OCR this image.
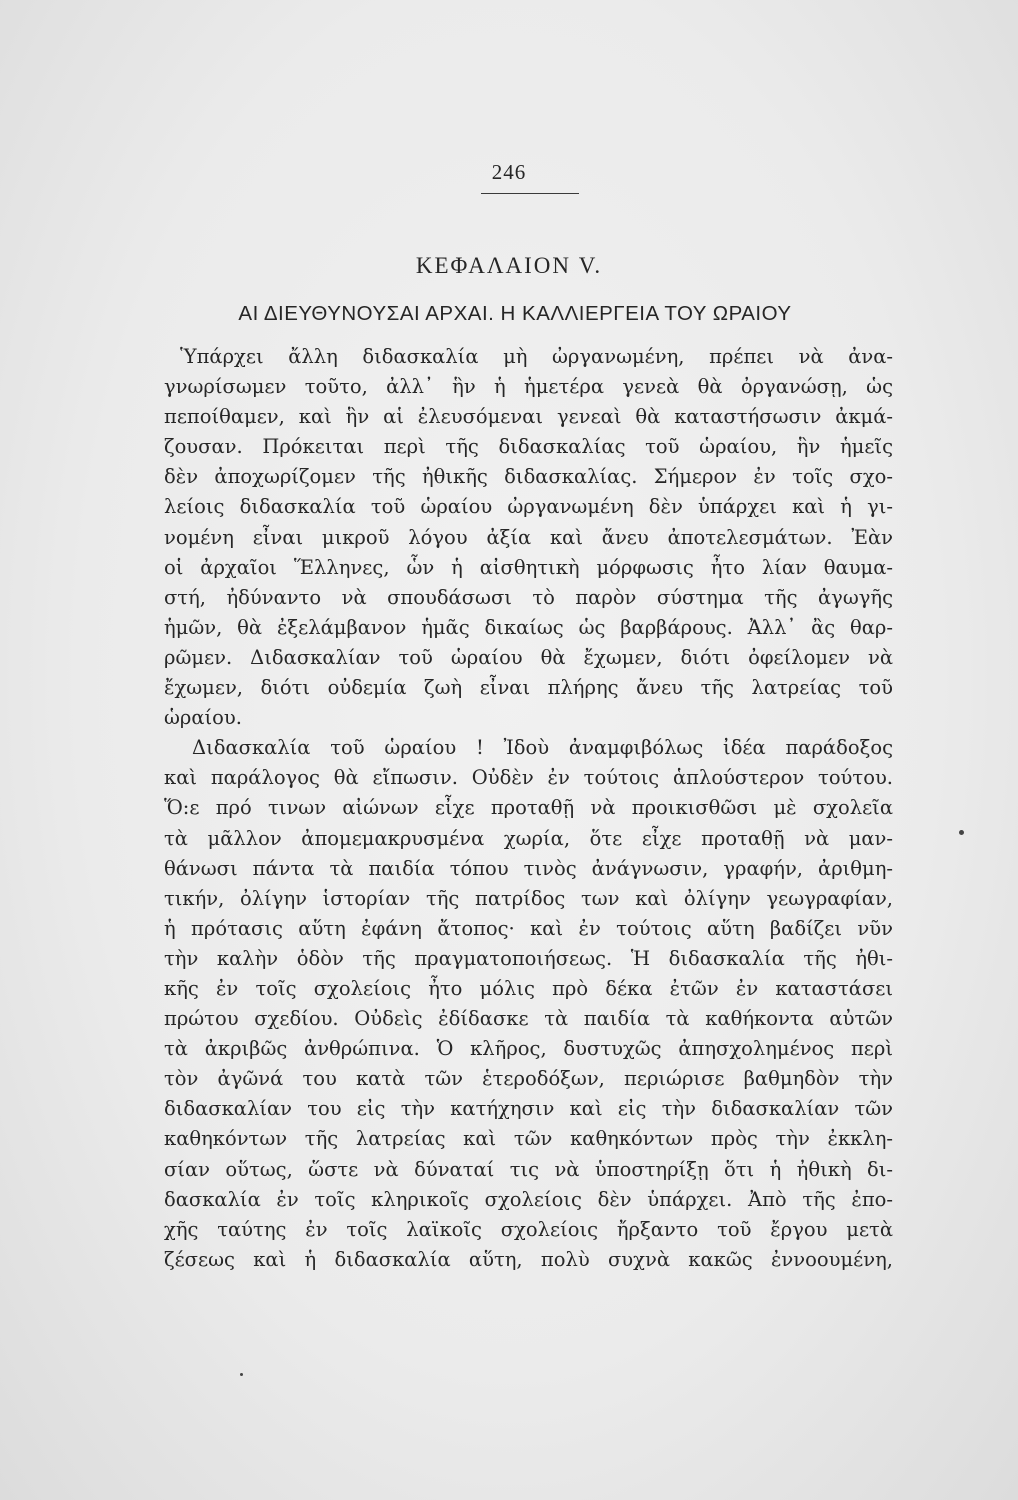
246
ΚΕΦΑΛΑΙΟΝ V.
ΑΙ ΔΙΕΥΘΥΝΟΥΣΑΙ ΑΡΧΑΙ. Η ΚΑΛΛΙΕΡΓΕΙΑ ΤΟΥ ΩΡΑΙΟΥ
Ὑπάρχει ἄλλη διδασκαλία μὴ ὠργανωμένη, πρέπει νὰ ἀνα-
γνωρίσωμεν τοῦτο, ἀλλ᾽ ἣν ἡ ἡμετέρα γενεὰ θὰ ὀργανώσῃ, ὡς
πεποίθαμεν, καὶ ἣν αἱ ἐλευσόμεναι γενεαὶ θὰ καταστήσωσιν ἀκμά-
ζουσαν. Πρόκειται περὶ τῆς διδασκαλίας τοῦ ὡραίου, ἣν ἡμεῖς
δὲν ἀποχωρίζομεν τῆς ἠθικῆς διδασκαλίας. Σήμερον ἐν τοῖς σχο-
λείοις διδασκαλία τοῦ ὡραίου ὠργανωμένη δὲν ὑπάρχει καὶ ἡ γι-
νομένη εἶναι μικροῦ λόγου ἀξία καὶ ἄνευ ἀποτελεσμάτων. Ἐὰν
οἱ ἀρχαῖοι Ἕλληνες, ὧν ἡ αἰσθητικὴ μόρφωσις ἦτο λίαν θαυμα-
στή, ἠδύναντο νὰ σπουδάσωσι τὸ παρὸν σύστημα τῆς ἀγωγῆς
ἡμῶν, θὰ ἐξελάμβανον ἡμᾶς δικαίως ὡς βαρβάρους. Ἀλλ᾽ ἂς θαρ-
ρῶμεν. Διδασκαλίαν τοῦ ὡραίου θὰ ἔχωμεν, διότι ὀφείλομεν νὰ
ἔχωμεν, διότι οὐδεμία ζωὴ εἶναι πλήρης ἄνευ τῆς λατρείας τοῦ
ὡραίου.
Διδασκαλία τοῦ ὡραίου ! Ἰδοὺ ἀναμφιβόλως ἰδέα παράδοξος
καὶ παράλογος θὰ εἴπωσιν. Οὐδὲν ἐν τούτοις ἁπλούστερον τούτου.
Ὅ:ε πρό τινων αἰώνων εἶχε προταθῇ νὰ προικισθῶσι μὲ σχολεῖα
τὰ μᾶλλον ἀπομεμακρυσμένα χωρία, ὅτε εἶχε προταθῇ νὰ μαν-
θάνωσι πάντα τὰ παιδία τόπου τινὸς ἀνάγνωσιν, γραφήν, ἀριθμη-
τικήν, ὀλίγην ἱστορίαν τῆς πατρίδος των καὶ ὀλίγην γεωγραφίαν,
ἡ πρότασις αὕτη ἐφάνη ἄτοπος· καὶ ἐν τούτοις αὕτη βαδίζει νῦν
τὴν καλὴν ὁδὸν τῆς πραγματοποιήσεως. Ἡ διδασκαλία τῆς ἠθι-
κῆς ἐν τοῖς σχολείοις ἦτο μόλις πρὸ δέκα ἐτῶν ἐν καταστάσει
πρώτου σχεδίου. Οὐδεὶς ἐδίδασκε τὰ παιδία τὰ καθήκοντα αὐτῶν
τὰ ἀκριβῶς ἀνθρώπινα. Ὁ κλῆρος, δυστυχῶς ἀπησχολημένος περὶ
τὸν ἀγῶνά του κατὰ τῶν ἑτεροδόξων, περιώρισε βαθμηδὸν τὴν
διδασκαλίαν του εἰς τὴν κατήχησιν καὶ εἰς τὴν διδασκαλίαν τῶν
καθηκόντων τῆς λατρείας καὶ τῶν καθηκόντων πρὸς τὴν ἐκκλη-
σίαν οὕτως, ὥστε νὰ δύναταί τις νὰ ὑποστηρίξῃ ὅτι ἡ ἠθικὴ δι-
δασκαλία ἐν τοῖς κληρικοῖς σχολείοις δὲν ὑπάρχει. Ἀπὸ τῆς ἐπο-
χῆς ταύτης ἐν τοῖς λαϊκοῖς σχολείοις ἤρξαντο τοῦ ἔργου μετὰ
ζέσεως καὶ ἡ διδασκαλία αὕτη, πολὺ συχνὰ κακῶς ἐννοουμένη,
